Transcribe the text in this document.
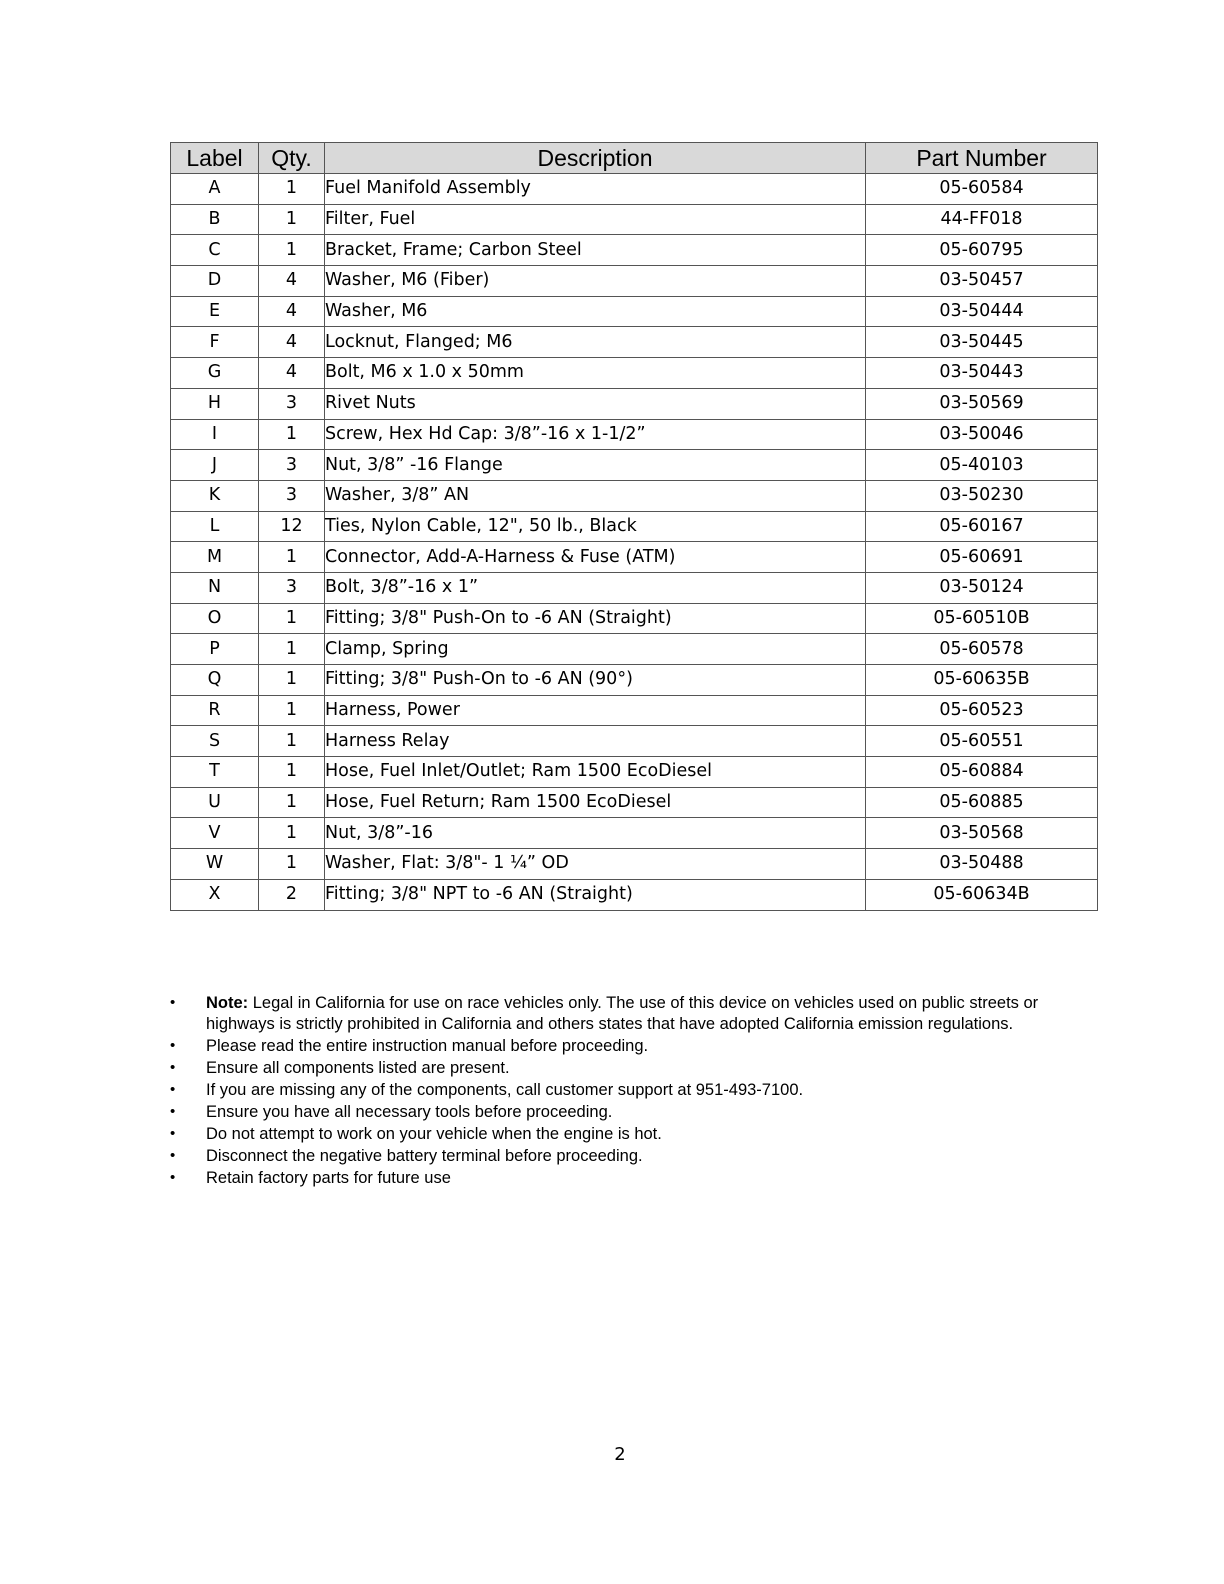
Label	Qty.	Description	Part Number
A	1	Fuel Manifold Assembly	05-60584
B	1	Filter, Fuel	44-FF018
C	1	Bracket, Frame; Carbon Steel	05-60795
D	4	Washer, M6 (Fiber)	03-50457
E	4	Washer, M6	03-50444
F	4	Locknut, Flanged; M6	03-50445
G	4	Bolt, M6 x 1.0 x 50mm	03-50443
H	3	Rivet Nuts	03-50569
I	1	Screw, Hex Hd Cap: 3/8”-16 x 1-1/2”	03-50046
J	3	Nut, 3/8” -16 Flange	05-40103
K	3	Washer, 3/8” AN	03-50230
L	12	Ties, Nylon Cable, 12", 50 lb., Black	05-60167
M	1	Connector, Add-A-Harness & Fuse (ATM)	05-60691
N	3	Bolt, 3/8”-16 x 1”	03-50124
O	1	Fitting; 3/8" Push-On to -6 AN (Straight)	05-60510B
P	1	Clamp, Spring	05-60578
Q	1	Fitting; 3/8" Push-On to -6 AN (90°)	05-60635B
R	1	Harness, Power	05-60523
S	1	Harness Relay	05-60551
T	1	Hose, Fuel Inlet/Outlet; Ram 1500 EcoDiesel	05-60884
U	1	Hose, Fuel Return; Ram 1500 EcoDiesel	05-60885
V	1	Nut, 3/8”-16	03-50568
W	1	Washer, Flat: 3/8"- 1 ¼” OD	03-50488
X	2	Fitting; 3/8" NPT to -6 AN (Straight)	05-60634B
• Note: Legal in California for use on race vehicles only. The use of this device on vehicles used on public streets or highways is strictly prohibited in California and others states that have adopted California emission regulations.
• Please read the entire instruction manual before proceeding.
• Ensure all components listed are present.
• If you are missing any of the components, call customer support at 951-493-7100.
• Ensure you have all necessary tools before proceeding.
• Do not attempt to work on your vehicle when the engine is hot.
• Disconnect the negative battery terminal before proceeding.
• Retain factory parts for future use
2
